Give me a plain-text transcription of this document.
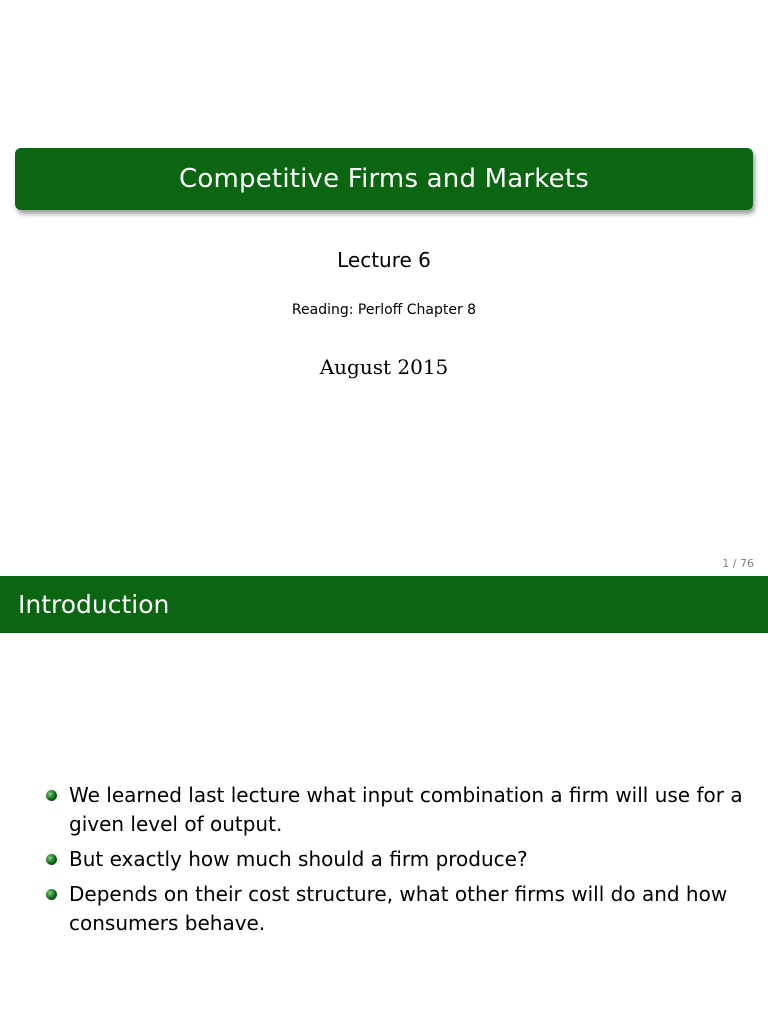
Competitive Firms and Markets
Lecture 6
Reading: Perloff Chapter 8
August 2015
1 / 76
Introduction
We learned last lecture what input combination a firm will use for a given level of output.
But exactly how much should a firm produce?
Depends on their cost structure, what other firms will do and how consumers behave.
